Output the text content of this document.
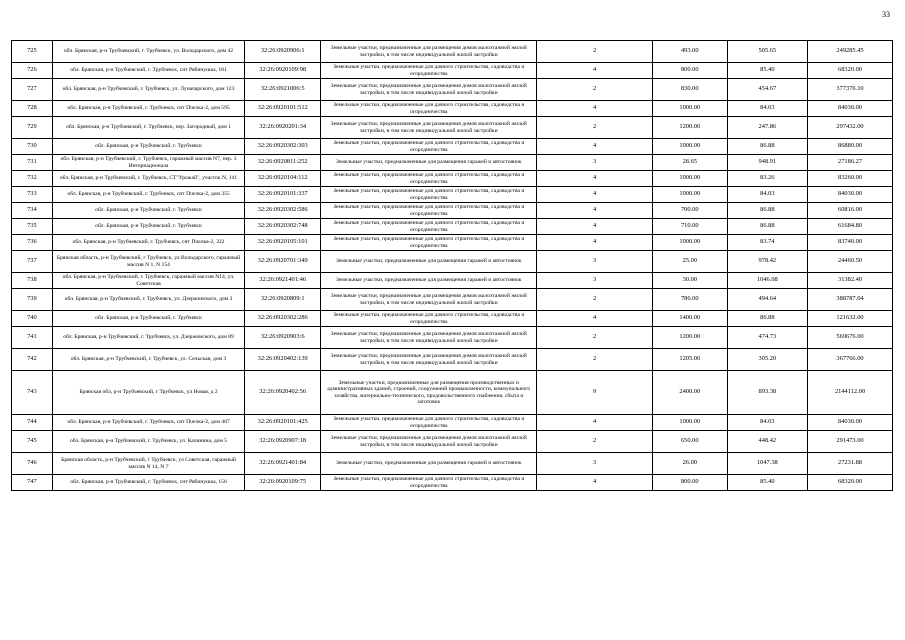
33
725	обл. Брянская, р-н Трубчевский, г. Трубчевск, ул. Володарского, дом 42	32:26:0920906:1	Земельные участки, предназначенные для размещения домов малоэтажной жилой застройки, в том числе индивидуальной жилой застройки	2	493.00	505.65	249285.45
726	обл. Брянская, р-н Трубчевский, г. Трубчевск, снт Рябинушка, 181	32:26:0920109:98	Земельные участки, предназначенные для дачного строительства, садоводства и огородничества	4	800.00	85.40	68320.00
727	обл. Брянская, р-н Трубчевский, г. Трубчевск, ул. Луначарского, дом 123	32:26:0921006:5	Земельные участки, предназначенные для размещения домов малоэтажной жилой застройки, в том числе индивидуальной жилой застройки	2	830.00	454.67	377376.10
728	обл. Брянская, р-н Трубчевский, г. Трубчевск, снт Пчелка-2, дом 595	32:26:0920101:512	Земельные участки, предназначенные для дачного строительства, садоводства и огородничества	4	1000.00	84.03	84030.00
729	обл. Брянская, р-н Трубчевский, г. Трубчевск, пер. Загородный, дом 1	32:26:0920201:34	Земельные участки, предназначенные для размещения домов малоэтажной жилой застройки, в том числе индивидуальной жилой застройки	2	1200.00	247.86	297432.00
730	обл. Брянская, р-н Трубчевский, г. Трубчевск	32:26:0920302:303	Земельные участки, предназначенные для дачного строительства, садоводства и огородничества	4	1000.00	86.88	86880.00
731	обл. Брянская, р-н Трубчевский, г. Трубчевск, гаражный массив N7, пер. 3 Интернационала	32:26:0920811:252	Земельные участки, предназначенные для размещения гаражей и автостоянок	3	28.65	948.91	27186.27
732	обл. Брянская, р-н Трубчевский, г. Трубчевск, СТ"Урожай", участок N, 141	32:26:0920104:112	Земельные участки, предназначенные для дачного строительства, садоводства и огородничества	4	1000.00	83.26	83260.00
733	обл. Брянская, р-н Трубчевский, г. Трубчевск, снт Пчелка-2, дом 355	32:26:0920101:337	Земельные участки, предназначенные для дачного строительства, садоводства и огородничества	4	1000.00	84.03	84030.00
734	обл. Брянская, р-н Трубчевский, г. Трубчевск	32:26:0920302:586	Земельные участки, предназначенные для дачного строительства, садоводства и огородничества	4	700.00	86.88	60816.00
735	обл. Брянская, р-н Трубчевский, г. Трубчевск	32:26:0920302:748	Земельные участки, предназначенные для дачного строительства, садоводства и огородничества	4	710.00	86.88	61684.80
736	обл. Брянская, р-н Трубчевский, г. Трубчевск, снт Пчелка-2, 322	32:26:0920105:101	Земельные участки, предназначенные для дачного строительства, садоводства и огородничества	4	1000.00	83.74	83740.00
737	Брянская область, р-н Трубчевский, г Трубчевск, ул Володарского, гаражный массив N 1, N 154	32:26:0920701:349	Земельные участки, предназначенные для размещения гаражей и автостоянок	3	25.00	978.42	24460.50
738	обл. Брянская, р-н Трубчевский, г. Трубчевск, гаражный массив N14, ул. Советская	32:26:0921401:46	Земельные участки, предназначенные для размещения гаражей и автостоянок	3	30.00	1046.08	31382.40
739	обл. Брянская, р-н Трубчевский, г. Трубчевск, ул. Дзержинского, дом 3	32:26:0920809:1	Земельные участки, предназначенные для размещения домов малоэтажной жилой застройки, в том числе индивидуальной жилой застройки	2	786.00	494.64	388787.04
740	обл. Брянская, р-н Трубчевский, г. Трубчевск	32:26:0920302:286	Земельные участки, предназначенные для дачного строительства, садоводства и огородничества	4	1400.00	86.88	121632.00
741	обл. Брянская, р-н Трубчевский, г. Трубчевск, ул. Дзержинского, дом 89	32:26:0920903:6	Земельные участки, предназначенные для размещения домов малоэтажной жилой застройки, в том числе индивидуальной жилой застройки	2	1200.00	474.73	569676.00
742	обл. Брянская, р-н Трубчевский, г. Трубчевск, ул. Сельская, дом 3	32:26:0920402:139	Земельные участки, предназначенные для размещения домов малоэтажной жилой застройки, в том числе индивидуальной жилой застройки	2	1205.00	305.20	367766.00
743	Брянская обл, р-н Трубчевский, г Трубчевск, ул Новая, д 2	32:26:0920402:56	Земельные участки, предназначенные для размещения производственных и административных зданий, строений, сооружений промышленности, коммунального хозяйства, материально-технического, продовольственного снабжения, сбыта и заготовок	9	2400.00	893.38	2144112.00
744	обл. Брянская, р-н Трубчевский, г. Трубчевск, снт Пчелка-2, дом 487	32:26:0920101:425	Земельные участки, предназначенные для дачного строительства, садоводства и огородничества	4	1000.00	84.03	84030.00
745	обл. Брянская, р-н Трубчевский, г. Трубчевск, ул. Калинина, дом 5	32:26:0920907:18	Земельные участки, предназначенные для размещения домов малоэтажной жилой застройки, в том числе индивидуальной жилой застройки	2	650.00	448.42	291473.00
746	Брянская область, р-н Трубчевский, г Трубчевск, ул Советская, гаражный массив N 14, N 7	32:26:0921401:84	Земельные участки, предназначенные для размещения гаражей и автостоянок	3	26.00	1047.38	27231.88
747	обл. Брянская, р-н Трубчевский, г. Трубчевск, снт Рябинушка, 156	32:26:0920109:75	Земельные участки, предназначенные для дачного строительства, садоводства и огородничества	4	800.00	85.40	68320.00
